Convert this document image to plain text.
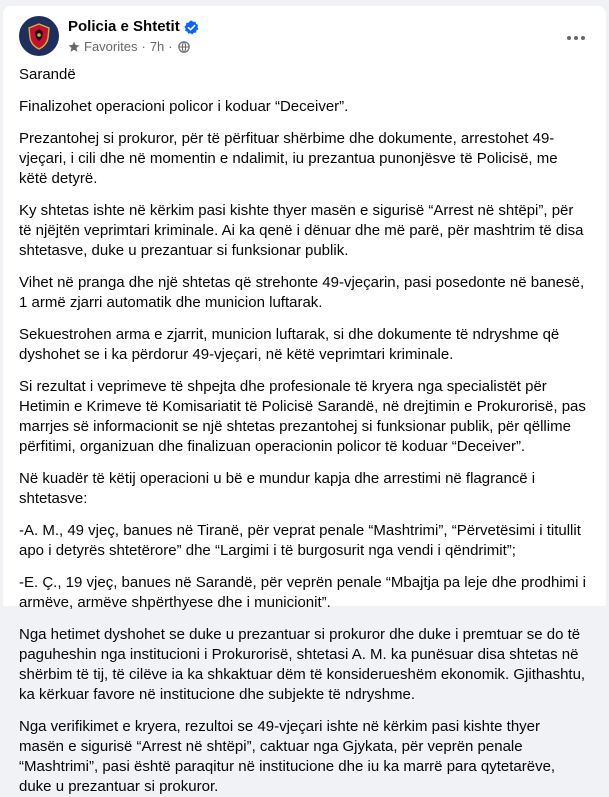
Policia e Shtetit
Favorites · 7h ·

Sarandë

Finalizohet operacioni policor i koduar “Deceiver”.

Prezantohej si prokuror, për të përfituar shërbime dhe dokumente, arrestohet 49-vjeçari, i cili dhe në momentin e ndalimit, iu prezantua punonjësve të Policisë, me këtë detyrë.

Ky shtetas ishte në kërkim pasi kishte thyer masën e sigurisë “Arrest në shtëpi”, për të njëjtën veprimtari kriminale. Ai ka qenë i dënuar dhe më parë, për mashtrim të disa shtetasve, duke u prezantuar si funksionar publik.

Vihet në pranga dhe një shtetas që strehonte 49-vjeçarin, pasi posedonte në banesë, 1 armë zjarri automatik dhe municion luftarak.

Sekuestrohen arma e zjarrit, municion luftarak, si dhe dokumente të ndryshme që dyshohet se i ka përdorur 49-vjeçari, në këtë veprimtari kriminale.

Si rezultat i veprimeve të shpejta dhe profesionale të kryera nga specialistët për Hetimin e Krimeve të Komisariatit të Policisë Sarandë, në drejtimin e Prokurorisë, pas marrjes së informacionit se një shtetas prezantohej si funksionar publik, për qëllime përfitimi, organizuan dhe finalizuan operacionin policor të koduar “Deceiver”.

Në kuadër të këtij operacioni u bë e mundur kapja dhe arrestimi në flagrancë i shtetasve:

-A. M., 49 vjeç, banues në Tiranë, për veprat penale “Mashtrimi”, “Përvetësimi i titullit apo i detyrës shtetërore” dhe “Largimi i të burgosurit nga vendi i qëndrimit”;

-E. Ç., 19 vjeç, banues në Sarandë, për veprën penale “Mbajtja pa leje dhe prodhimi i armëve, armëve shpërthyese dhe i municionit”.

Nga hetimet dyshohet se duke u prezantuar si prokuror dhe duke i premtuar se do të paguheshin nga institucioni i Prokurorisë, shtetasi A. M. ka punësuar disa shtetas në shërbim të tij, të cilëve ia ka shkaktuar dëm të konsiderueshëm ekonomik. Gjithashtu, ka kërkuar favore në institucione dhe subjekte të ndryshme.

Nga verifikimet e kryera, rezultoi se 49-vjeçari ishte në kërkim pasi kishte thyer masën e sigurisë “Arrest në shtëpi”, caktuar nga Gjykata, për veprën penale “Mashtrimi”, pasi është paraqitur në institucione dhe iu ka marrë para qytetarëve, duke u prezantuar si prokuror.
